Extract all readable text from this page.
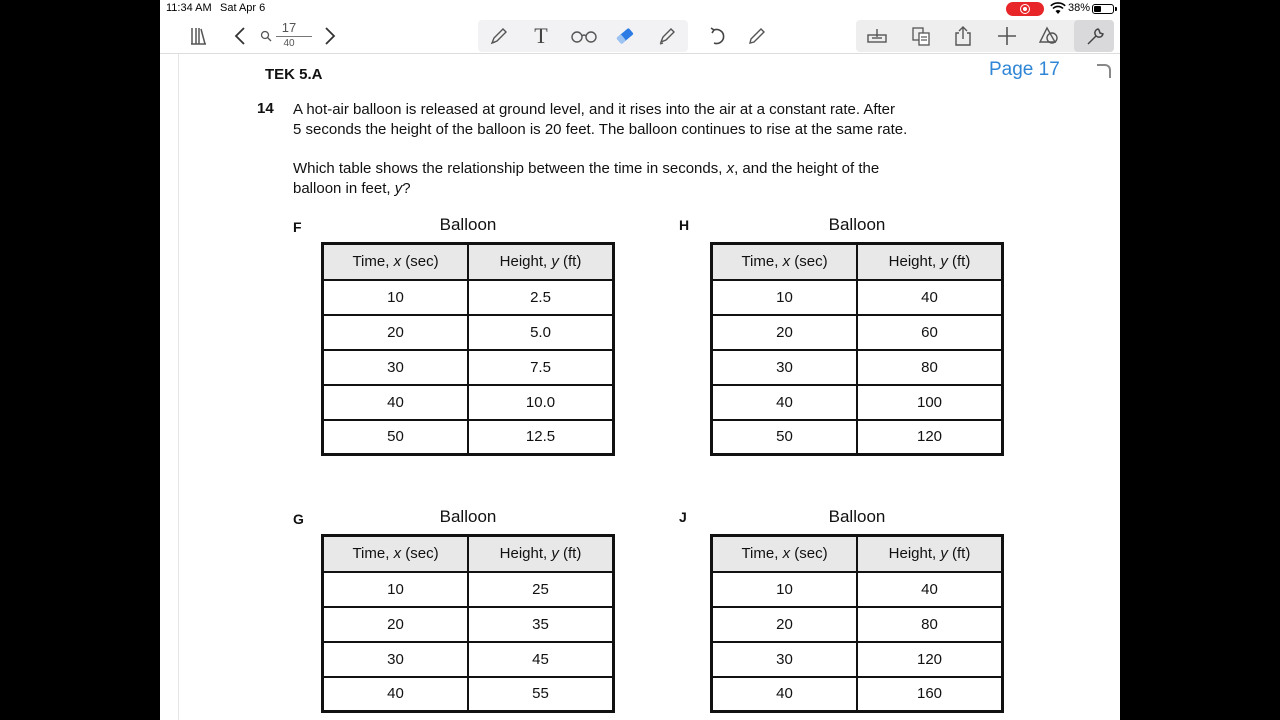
11:34 AM Sat Apr 6	38%
17
40	T
TEK 5.A	Page 17
14 A hot-air balloon is released at ground level, and it rises into the air at a constant rate. After
5 seconds the height of the balloon is 20 feet. The balloon continues to rise at the same rate.
Which table shows the relationship between the time in seconds, x, and the height of the
balloon in feet, y?
F	Balloon
Time, x (sec)	Height, y (ft)
10	2.5
20	5.0
30	7.5
40	10.0
50	12.5
H	Balloon
Time, x (sec)	Height, y (ft)
10	40
20	60
30	80
40	100
50	120
G	Balloon
Time, x (sec)	Height, y (ft)
10	25
20	35
30	45
40	55
J	Balloon
Time, x (sec)	Height, y (ft)
10	40
20	80
30	120
40	160
